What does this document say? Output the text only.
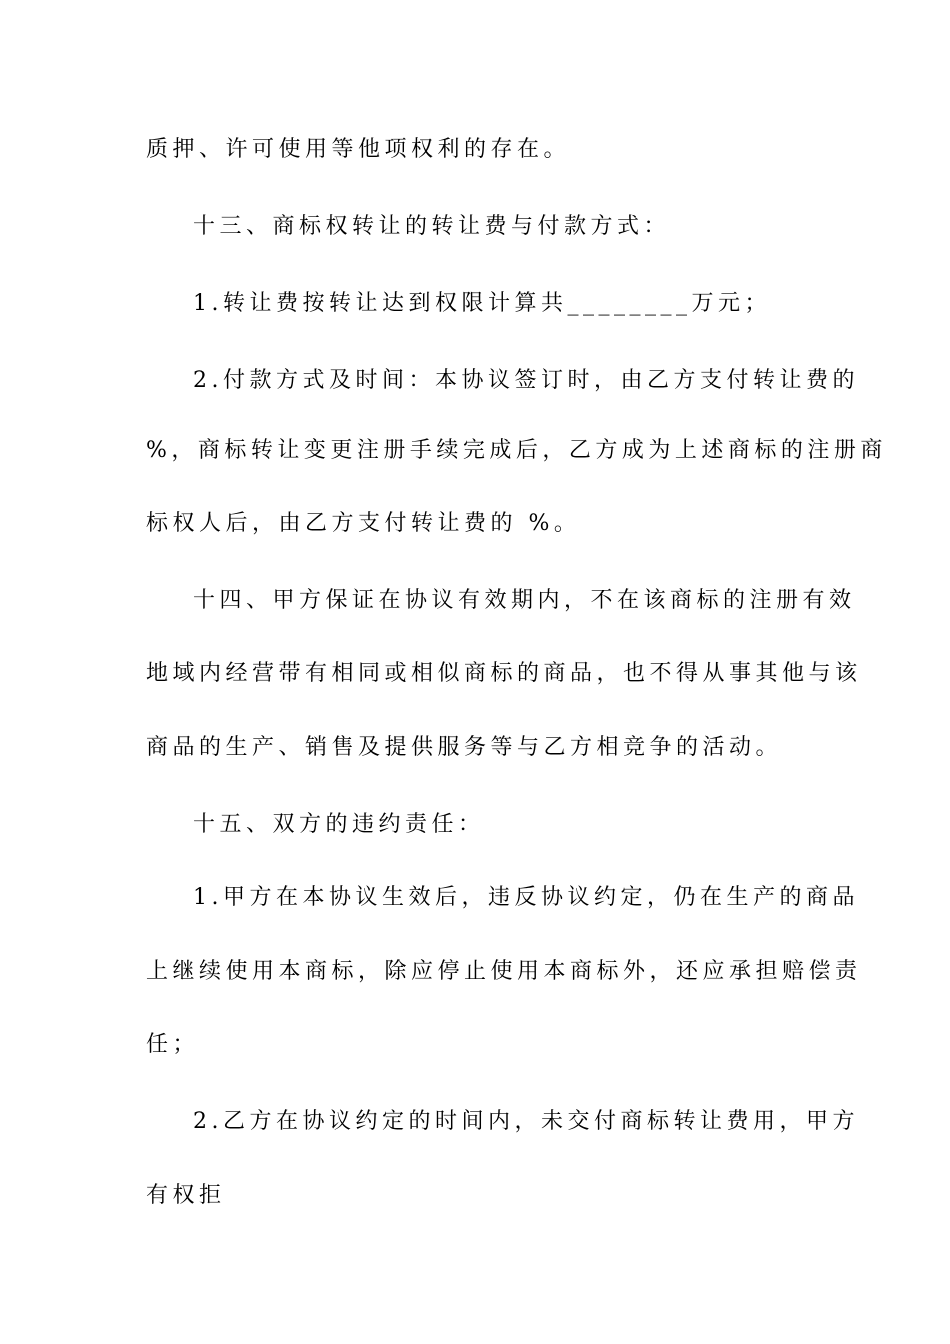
质押、许可使用等他项权利的存在。
十三、商标权转让的转让费与付款方式：
1.转让费按转让达到权限计算共________万元；
2.付款方式及时间：本协议签订时，由乙方支付转让费的
%，商标转让变更注册手续完成后，乙方成为上述商标的注册商
标权人后，由乙方支付转让费的 %。
十四、甲方保证在协议有效期内，不在该商标的注册有效
地域内经营带有相同或相似商标的商品，也不得从事其他与该
商品的生产、销售及提供服务等与乙方相竞争的活动。
十五、双方的违约责任：
1.甲方在本协议生效后，违反协议约定，仍在生产的商品
上继续使用本商标，除应停止使用本商标外，还应承担赔偿责
任；
2.乙方在协议约定的时间内，未交付商标转让费用，甲方
有权拒
